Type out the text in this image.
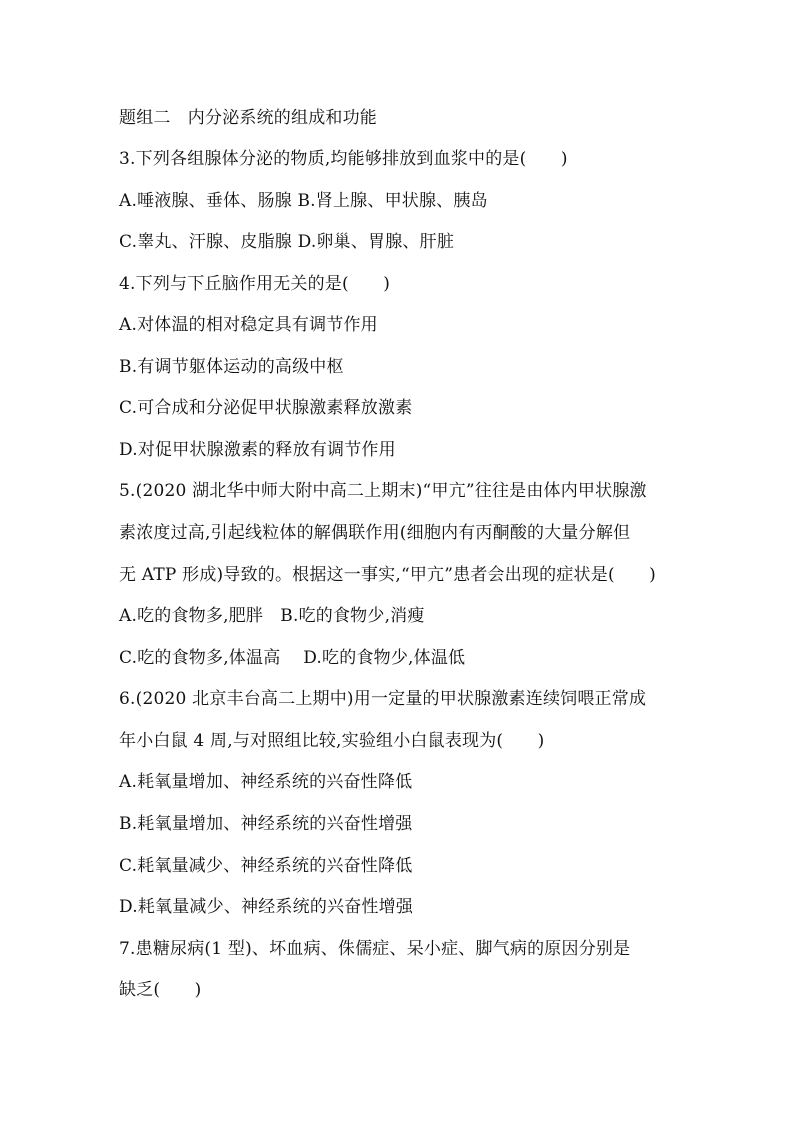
题组二　内分泌系统的组成和功能
3.下列各组腺体分泌的物质,均能够排放到血浆中的是(　　)
A.唾液腺、垂体、肠腺 B.肾上腺、甲状腺、胰岛
C.睾丸、汗腺、皮脂腺 D.卵巢、胃腺、肝脏
4.下列与下丘脑作用无关的是(　　)
A.对体温的相对稳定具有调节作用
B.有调节躯体运动的高级中枢
C.可合成和分泌促甲状腺激素释放激素
D.对促甲状腺激素的释放有调节作用
5.(2020 湖北华中师大附中高二上期末)“甲亢”往往是由体内甲状腺激
素浓度过高,引起线粒体的解偶联作用(细胞内有丙酮酸的大量分解但
无 ATP 形成)导致的。根据这一事实,“甲亢”患者会出现的症状是(　　)
A.吃的食物多,肥胖　B.吃的食物少,消瘦
C.吃的食物多,体温高　 D.吃的食物少,体温低
6.(2020 北京丰台高二上期中)用一定量的甲状腺激素连续饲喂正常成
年小白鼠 4 周,与对照组比较,实验组小白鼠表现为(　　)
A.耗氧量增加、神经系统的兴奋性降低
B.耗氧量增加、神经系统的兴奋性增强
C.耗氧量减少、神经系统的兴奋性降低
D.耗氧量减少、神经系统的兴奋性增强
7.患糖尿病(1 型)、坏血病、侏儒症、呆小症、脚气病的原因分别是
缺乏(　　)
